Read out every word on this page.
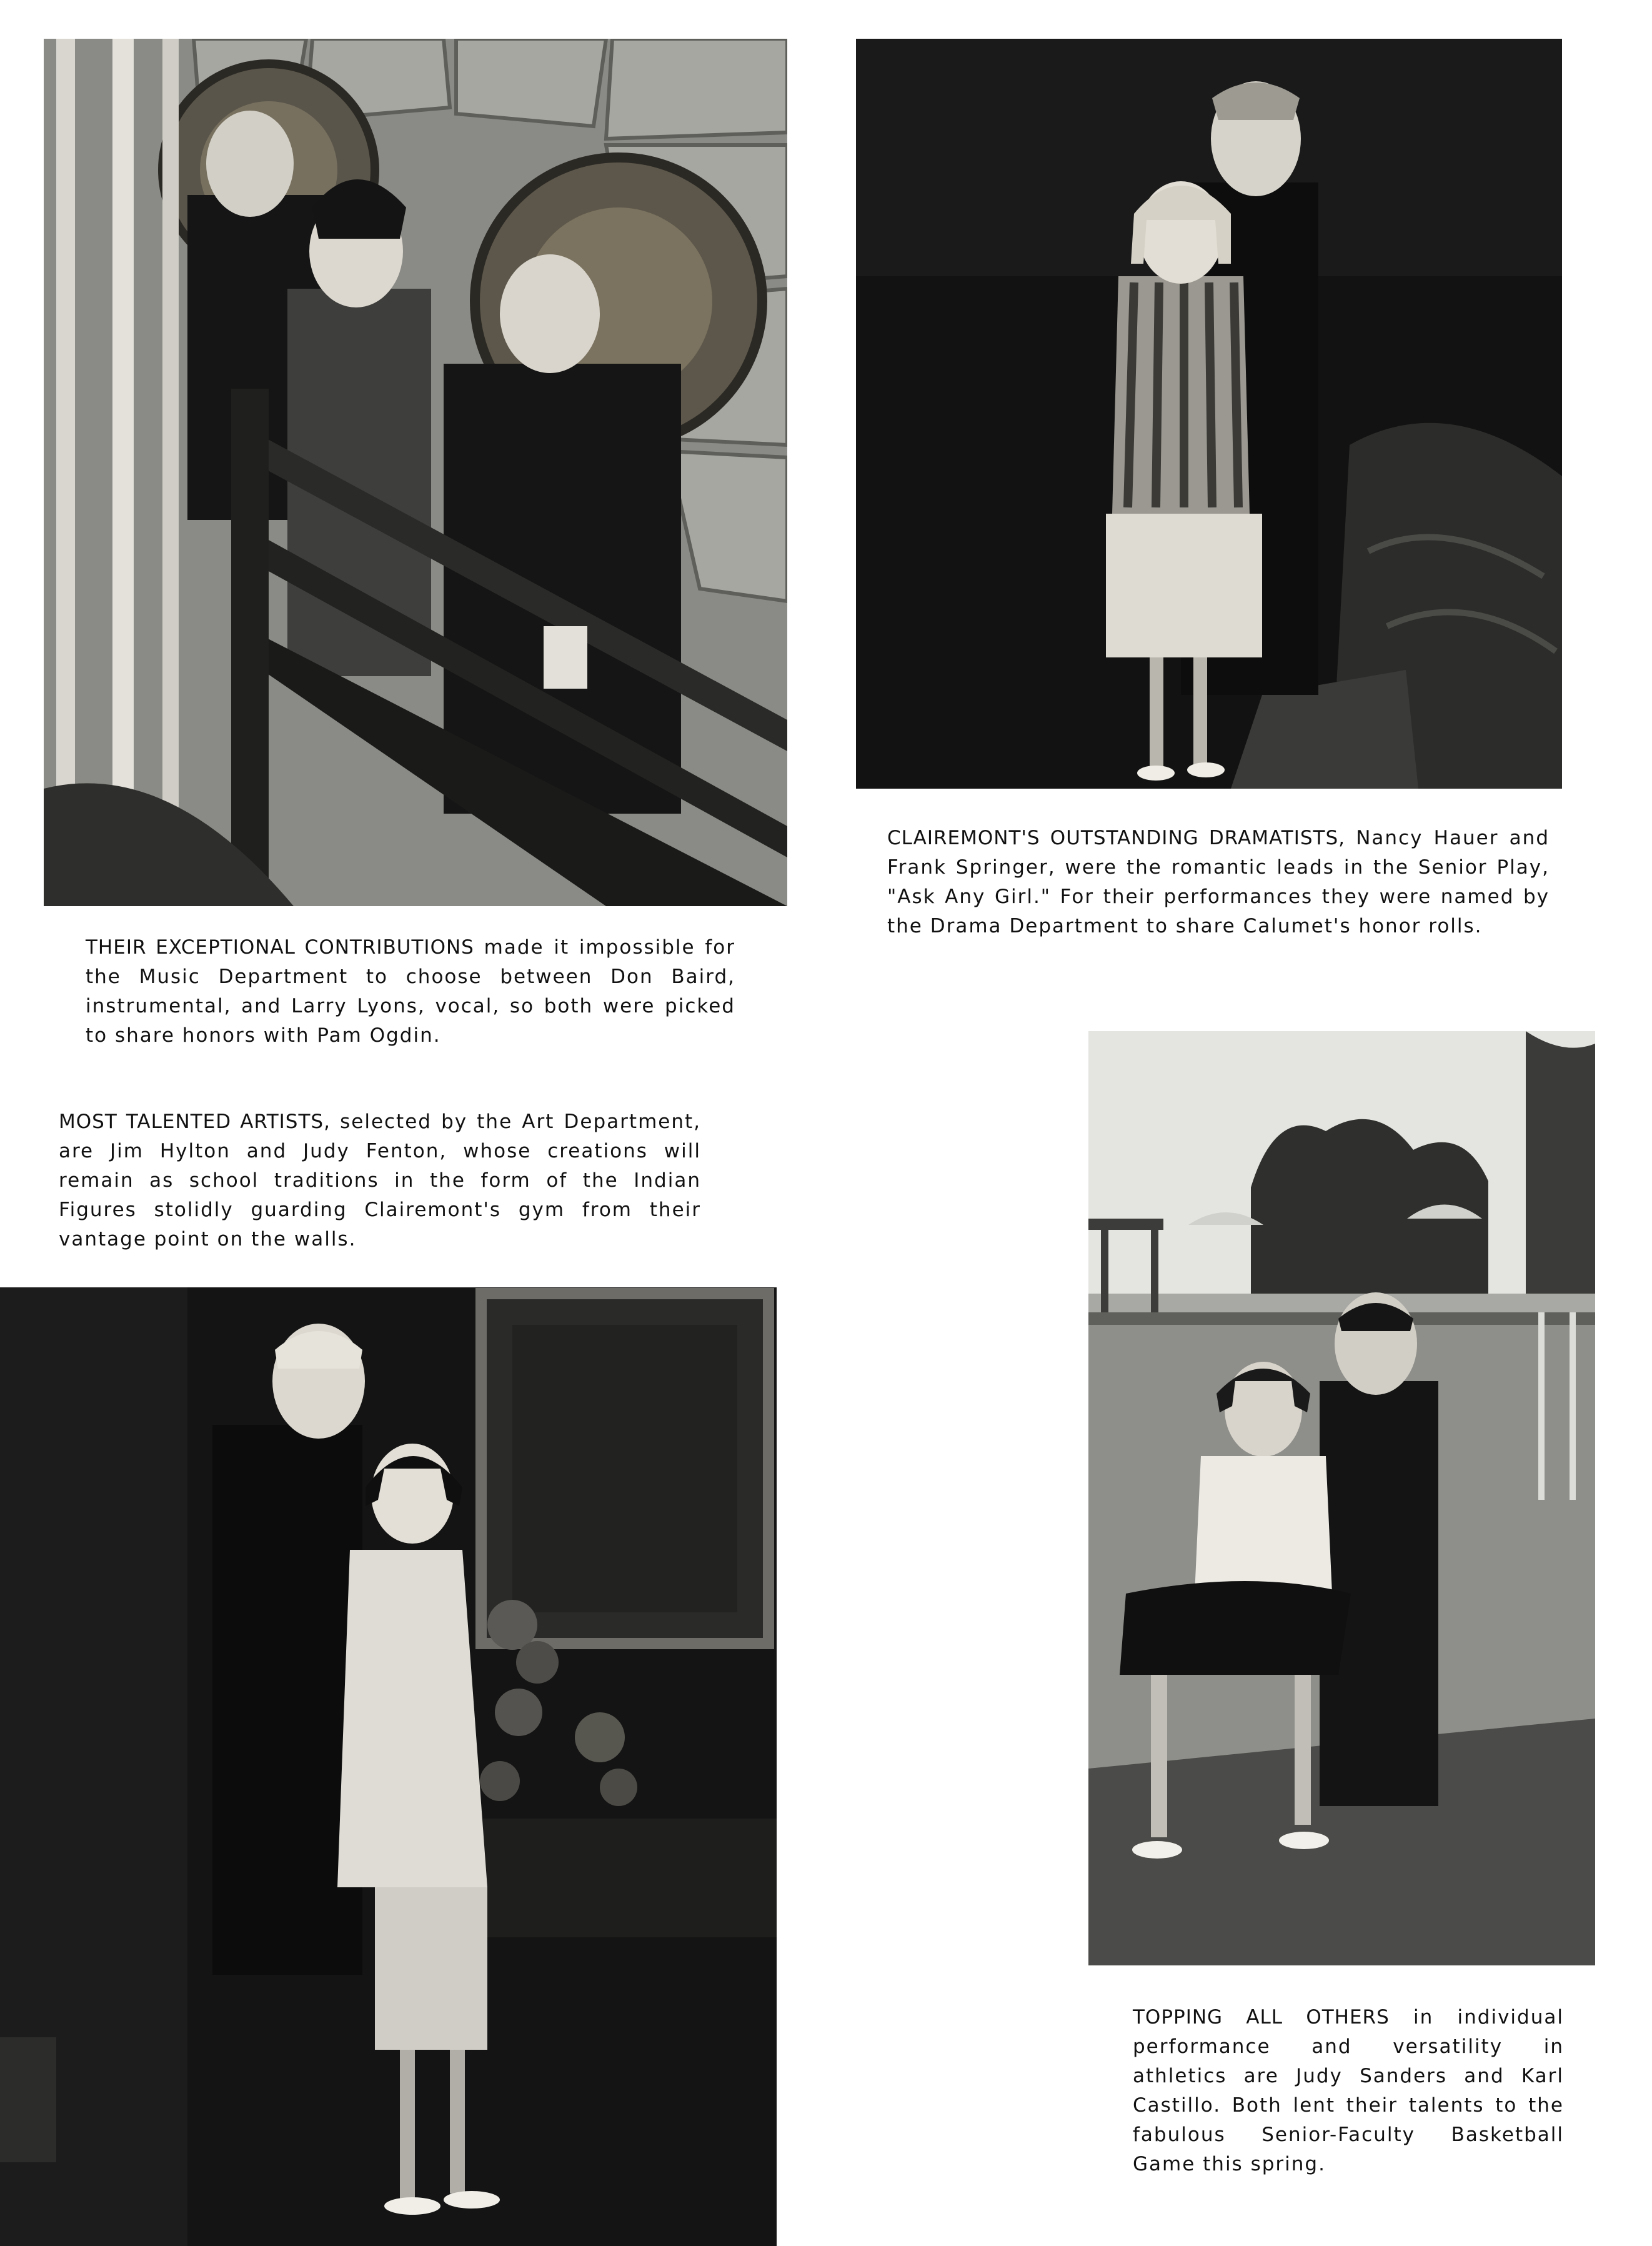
THEIR EXCEPTIONAL CONTRIBUTIONS made it impossible for the Music Department to choose between Don Baird, instrumental, and Larry Lyons, vocal, so both were picked to share honors with Pam Ogdin.
MOST TALENTED ARTISTS, selected by the Art Department, are Jim Hylton and Judy Fenton, whose creations will remain as school traditions in the form of the Indian Figures stolidly guarding Clairemont's gym from their vantage point on the walls.
CLAIREMONT'S OUTSTANDING DRAMATISTS, Nancy Hauer and Frank Springer, were the romantic leads in the Senior Play, "Ask Any Girl." For their performances they were named by the Drama Department to share Calumet's honor rolls.
TOPPING ALL OTHERS in individual performance and versatility in athletics are Judy Sanders and Karl Castillo. Both lent their talents to the fabulous Senior-Faculty Basketball Game this spring.
